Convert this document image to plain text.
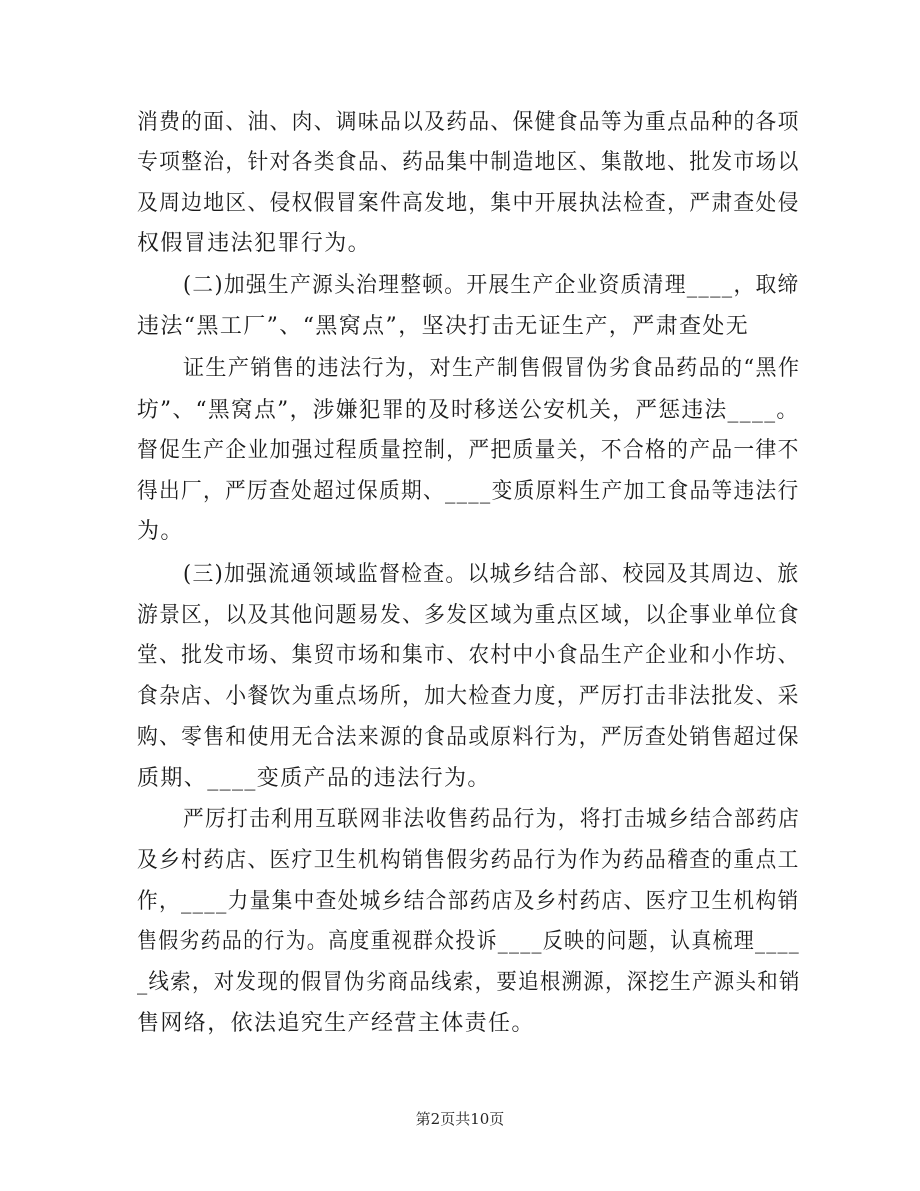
消费的面、油、肉、调味品以及药品、保健食品等为重点品种的各项
专项整治，针对各类食品、药品集中制造地区、集散地、批发市场以
及周边地区、侵权假冒案件高发地，集中开展执法检查，严肃查处侵
权假冒违法犯罪行为。
(二)加强生产源头治理整顿。开展生产企业资质清理____，取缔
违法“黑工厂”、“黑窝点”，坚决打击无证生产，严肃查处无
证生产销售的违法行为，对生产制售假冒伪劣食品药品的“黑作
坊”、“黑窝点”，涉嫌犯罪的及时移送公安机关，严惩违法____。
督促生产企业加强过程质量控制，严把质量关，不合格的产品一律不
得出厂，严厉查处超过保质期、____变质原料生产加工食品等违法行
为。
(三)加强流通领域监督检查。以城乡结合部、校园及其周边、旅
游景区，以及其他问题易发、多发区域为重点区域，以企事业单位食
堂、批发市场、集贸市场和集市、农村中小食品生产企业和小作坊、
食杂店、小餐饮为重点场所，加大检查力度，严厉打击非法批发、采
购、零售和使用无合法来源的食品或原料行为，严厉查处销售超过保
质期、____变质产品的违法行为。
严厉打击利用互联网非法收售药品行为，将打击城乡结合部药店
及乡村药店、医疗卫生机构销售假劣药品行为作为药品稽查的重点工
作，____力量集中查处城乡结合部药店及乡村药店、医疗卫生机构销
售假劣药品的行为。高度重视群众投诉____反映的问题，认真梳理____
_线索，对发现的假冒伪劣商品线索，要追根溯源，深挖生产源头和销
售网络，依法追究生产经营主体责任。
第2页共10页
